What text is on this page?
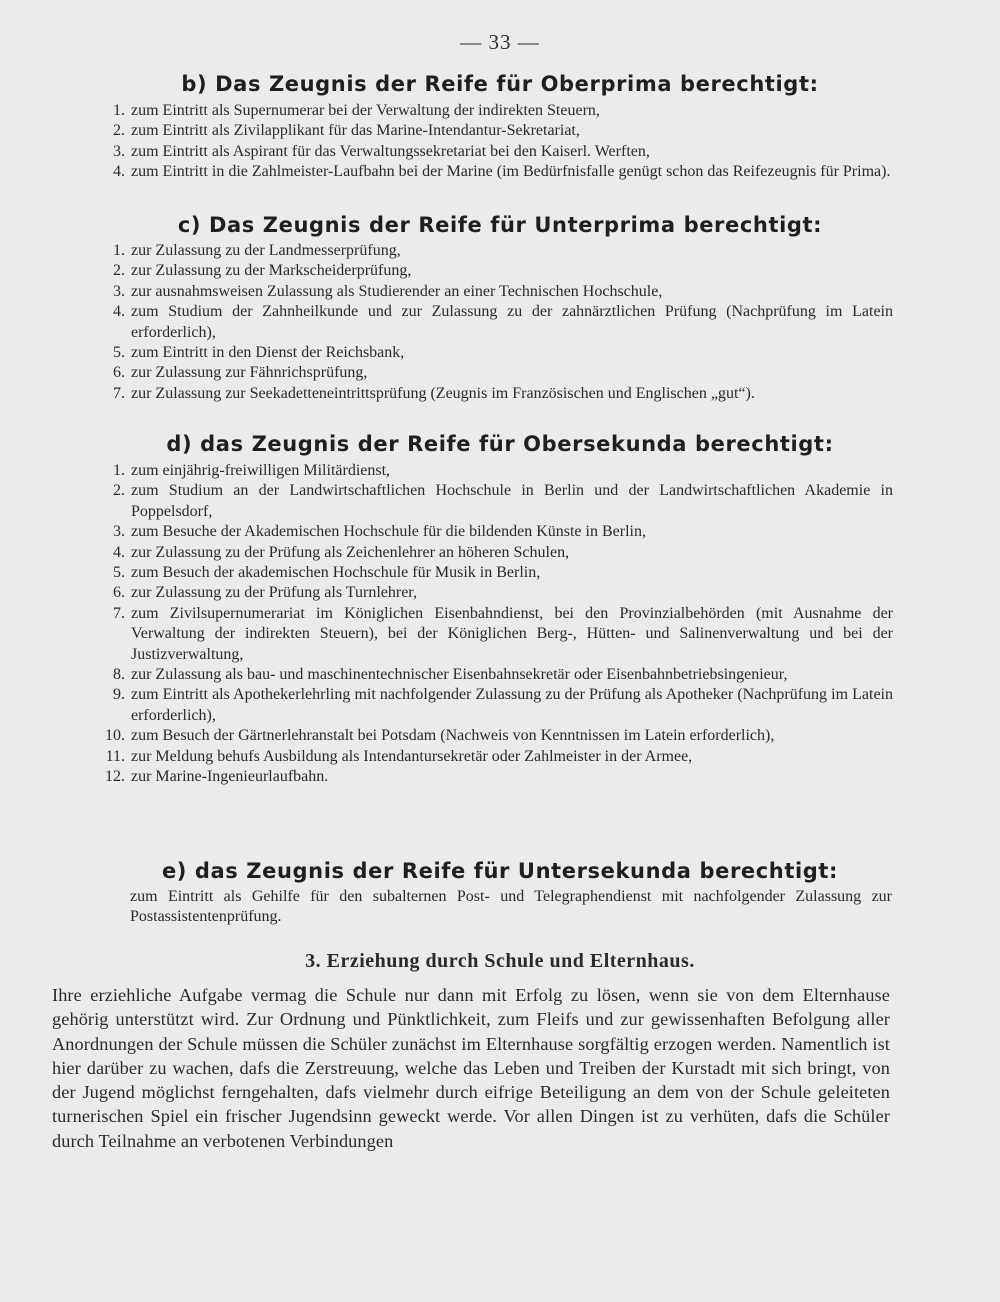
— 33 —
b) Das Zeugnis der Reife für Oberprima berechtigt:
1. zum Eintritt als Supernumerar bei der Verwaltung der indirekten Steuern,
2. zum Eintritt als Zivilapplikant für das Marine-Intendantur-Sekretariat,
3. zum Eintritt als Aspirant für das Verwaltungssekretariat bei den Kaiserl. Werften,
4. zum Eintritt in die Zahlmeister-Laufbahn bei der Marine (im Bedürfnisfalle genügt schon das Reifezeugnis für Prima).
c) Das Zeugnis der Reife für Unterprima berechtigt:
1. zur Zulassung zu der Landmesserprüfung,
2. zur Zulassung zu der Markscheiderprüfung,
3. zur ausnahmsweisen Zulassung als Studierender an einer Technischen Hochschule,
4. zum Studium der Zahnheilkunde und zur Zulassung zu der zahnärztlichen Prüfung (Nachprüfung im Latein erforderlich),
5. zum Eintritt in den Dienst der Reichsbank,
6. zur Zulassung zur Fähnrichsprüfung,
7. zur Zulassung zur Seekadetteneintrittsprüfung (Zeugnis im Französischen und Englischen „gut“).
d) das Zeugnis der Reife für Obersekunda berechtigt:
1. zum einjährig-freiwilligen Militärdienst,
2. zum Studium an der Landwirtschaftlichen Hochschule in Berlin und der Landwirtschaftlichen Akademie in Poppelsdorf,
3. zum Besuche der Akademischen Hochschule für die bildenden Künste in Berlin,
4. zur Zulassung zu der Prüfung als Zeichenlehrer an höheren Schulen,
5. zum Besuch der akademischen Hochschule für Musik in Berlin,
6. zur Zulassung zu der Prüfung als Turnlehrer,
7. zum Zivilsupernumerariat im Königlichen Eisenbahndienst, bei den Provinzialbehörden (mit Ausnahme der Verwaltung der indirekten Steuern), bei der Königlichen Berg-, Hütten- und Salinenverwaltung und bei der Justizverwaltung,
8. zur Zulassung als bau- und maschinentechnischer Eisenbahnsekretär oder Eisenbahnbetriebsingenieur,
9. zum Eintritt als Apothekerlehrling mit nachfolgender Zulassung zu der Prüfung als Apotheker (Nachprüfung im Latein erforderlich),
10. zum Besuch der Gärtnerlehranstalt bei Potsdam (Nachweis von Kenntnissen im Latein erforderlich),
11. zur Meldung behufs Ausbildung als Intendantursekretär oder Zahlmeister in der Armee,
12. zur Marine-Ingenieurlaufbahn.
e) das Zeugnis der Reife für Untersekunda berechtigt:
zum Eintritt als Gehilfe für den subalternen Post- und Telegraphendienst mit nachfolgender Zulassung zur Postassistentenprüfung.
3. Erziehung durch Schule und Elternhaus.
Ihre erziehliche Aufgabe vermag die Schule nur dann mit Erfolg zu lösen, wenn sie von dem Elternhause gehörig unterstützt wird. Zur Ordnung und Pünktlichkeit, zum Fleifs und zur gewissenhaften Befolgung aller Anordnungen der Schule müssen die Schüler zunächst im Elternhause sorgfältig erzogen werden. Namentlich ist hier darüber zu wachen, dafs die Zerstreuung, welche das Leben und Treiben der Kurstadt mit sich bringt, von der Jugend möglichst ferngehalten, dafs vielmehr durch eifrige Beteiligung an dem von der Schule geleiteten turnerischen Spiel ein frischer Jugendsinn geweckt werde. Vor allen Dingen ist zu verhüten, dafs die Schüler durch Teilnahme an verbotenen Verbindungen
